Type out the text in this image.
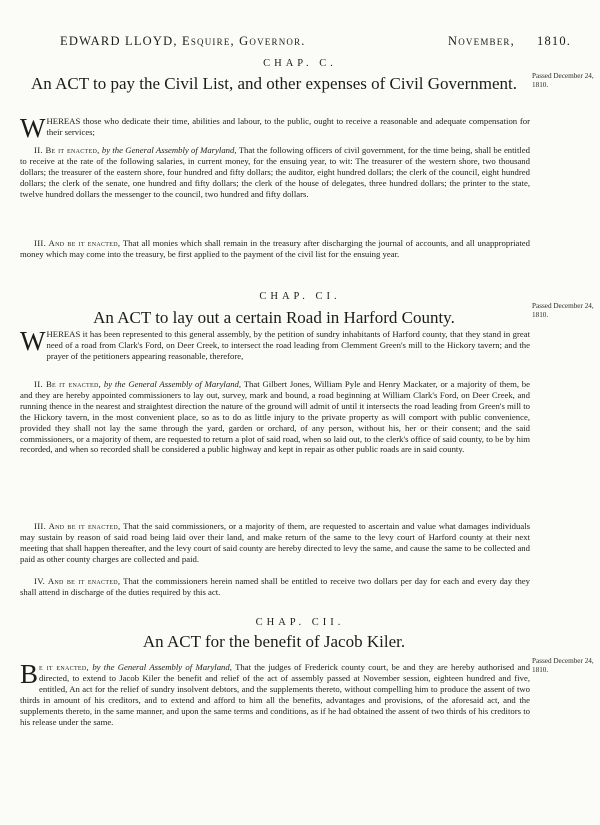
EDWARD LLOYD, Esquire, Governor.	November, 1810.
CHAP. C.
An ACT to pay the Civil List, and other expenses of Civil Government.	Passed December 24, 1810.

WHEREAS those who dedicate their time, abilities and labour, to the public, ought to receive a reasonable and adequate compensation for their services;

II. Be it enacted, by the General Assembly of Maryland, That the following officers of civil government, for the time being, shall be entitled to receive at the rate of the following salaries, in current money, for the ensuing year, to wit: The treasurer of the western shore, two thousand dollars; the treasurer of the eastern shore, four hundred and fifty dollars; the auditor, eight hundred dollars; the clerk of the council, eight hundred dollars; the clerk of the senate, one hundred and fifty dollars; the clerk of the house of delegates, three hundred dollars; the printer to the state, twelve hundred dollars the messenger to the council, two hundred and fifty dollars.

III. And be it enacted, That all monies which shall remain in the treasury after discharging the journal of accounts, and all unappropriated money which may come into the treasury, be first applied to the payment of the civil list for the ensuing year.

CHAP. CI.
An ACT to lay out a certain Road in Harford County.
Passed December 24, 1810.

WHEREAS it has been represented to this general assembly, by the petition of sundry inhabitants of Harford county, that they stand in great need of a road from Clark's Ford, on Deer Creek, to intersect the road leading from Clemment Green's mill to the Hickory tavern; and the prayer of the petitioners appearing reasonable, therefore,

II. Be it enacted, by the General Assembly of Maryland, That Gilbert Jones, William Pyle and Henry Mackater, or a majority of them, be and they are hereby appointed commissioners to lay out, survey, mark and bound, a road beginning at William Clark's Ford, on Deer Creek, and running thence in the nearest and straightest direction the nature of the ground will admit of until it intersects the road leading from Green's mill to the Hickory tavern, in the most convenient place, so as to do as little injury to the private property as will comport with public convenience, provided they shall not lay the same through the yard, garden or orchard, of any person, without his, her or their consent; and the said commissioners, or a majority of them, are requested to return a plot of said road, when so laid out, to the clerk's office of said county, to be by him recorded, and when so recorded shall be considered a public highway and kept in repair as other public roads are in said county.

III. And be it enacted, That the said commissioners, or a majority of them, are requested to ascertain and value what damages individuals may sustain by reason of said road being laid over their land, and make return of the same to the levy court of Harford county at their next meeting that shall happen thereafter, and the levy court of said county are hereby directed to levy the same, and cause the same to be collected and paid as other county charges are collected and paid.

IV. And be it enacted, That the commissioners herein named shall be entitled to receive two dollars per day for each and every day they shall attend in discharge of the duties required by this act.

CHAP. CII.
An ACT for the benefit of Jacob Kiler.
Passed December 24, 1810.

Be it enacted, by the General Assembly of Maryland, That the judges of Frederick county court, be and they are hereby authorised and directed, to extend to Jacob Kiler the benefit and relief of the act of assembly passed at November session, eighteen hundred and five, entitled, An act for the relief of sundry insolvent debtors, and the supplements thereto, without compelling him to produce the assent of two thirds in amount of his creditors, and to extend and afford to him all the benefits, advantages and provisions, of the aforesaid act, and the supplements thereto, in the same manner, and upon the same terms and conditions, as if he had obtained the assent of two thirds of his creditors to his release under the same.
